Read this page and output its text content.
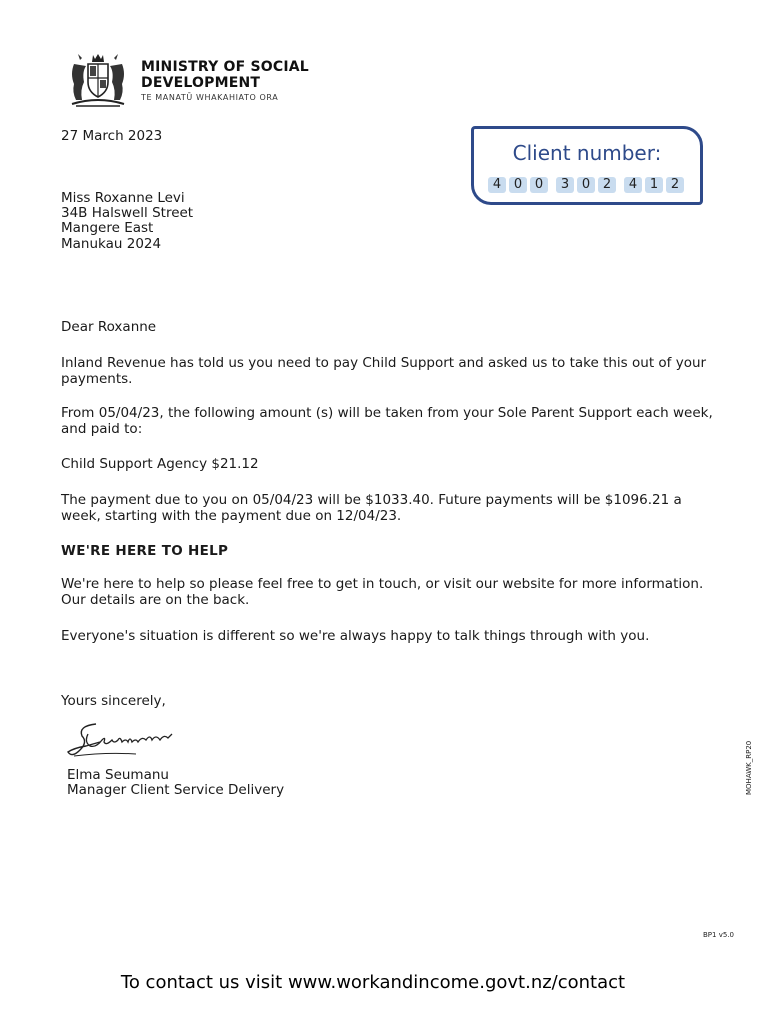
MINISTRY OF SOCIAL
DEVELOPMENT
TE MANATŪ WHAKAHIATO ORA
27 March 2023
Client number:
4 0 0	3 0 2	4 1 2
Miss Roxanne Levi
34B Halswell Street
Mangere East
Manukau 2024
Dear Roxanne
Inland Revenue has told us you need to pay Child Support and asked us to take this out of your payments.
From 05/04/23, the following amount (s) will be taken from your Sole Parent Support each week, and paid to:
Child Support Agency $21.12
The payment due to you on 05/04/23 will be $1033.40. Future payments will be $1096.21 a week, starting with the payment due on 12/04/23.
WE'RE HERE TO HELP
We're here to help so please feel free to get in touch, or visit our website for more information. Our details are on the back.
Everyone's situation is different so we're always happy to talk things through with you.
Yours sincerely,
Elma Seumanu
Manager Client Service Delivery	MOHAWK_RP20
BP1 v5.0
To contact us visit www.workandincome.govt.nz/contact
